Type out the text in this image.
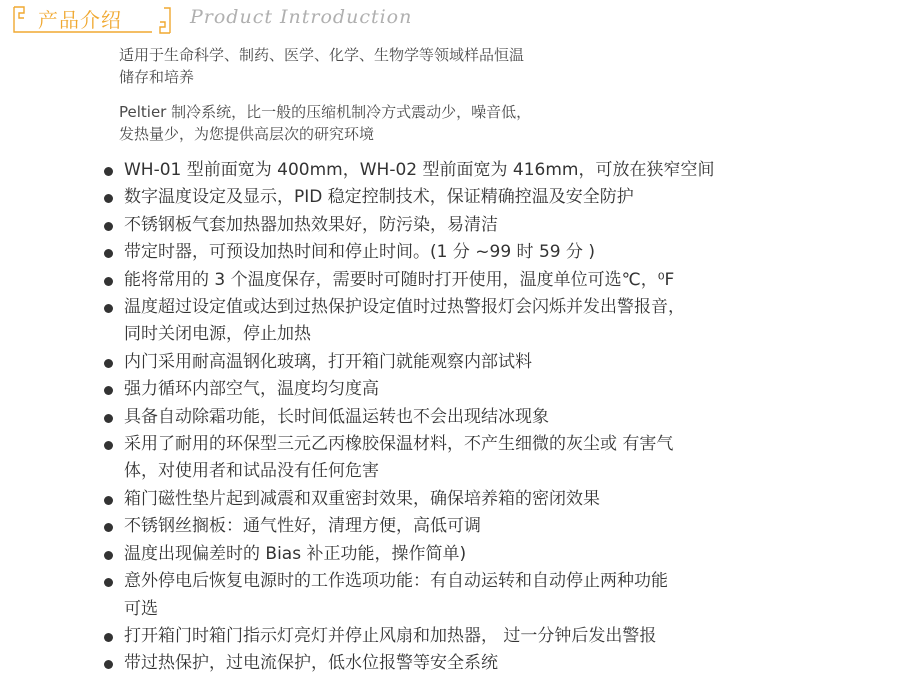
产品介绍	Product Introduction
适用于生命科学、制药、医学、化学、生物学等领域样品恒温
储存和培养
Peltier 制冷系统，比一般的压缩机制冷方式震动少，噪音低，
发热量少，为您提供高层次的研究环境
WH-01 型前面宽为 400mm，WH-02 型前面宽为 416mm，可放在狭窄空间
数字温度设定及显示，PID 稳定控制技术，保证精确控温及安全防护
不锈钢板气套加热器加热效果好，防污染，易清洁
带定时器，可预设加热时间和停止时间。(1 分 ~99 时 59 分 )
能将常用的 3 个温度保存，需要时可随时打开使用，温度单位可选℃，⁰F
温度超过设定值或达到过热保护设定值时过热警报灯会闪烁并发出警报音，
同时关闭电源，停止加热
内门采用耐高温钢化玻璃，打开箱门就能观察内部试料
强力循环内部空气，温度均匀度高
具备自动除霜功能，长时间低温运转也不会出现结冰现象
采用了耐用的环保型三元乙丙橡胶保温材料，不产生细微的灰尘或 有害气
体，对使用者和试品没有任何危害
箱门磁性垫片起到减震和双重密封效果，确保培养箱的密闭效果
不锈钢丝搁板：通气性好，清理方便，高低可调
温度出现偏差时的 Bias 补正功能，操作简单)
意外停电后恢复电源时的工作选项功能：有自动运转和自动停止两种功能
可选
打开箱门时箱门指示灯亮灯并停止风扇和加热器， 过一分钟后发出警报
带过热保护，过电流保护，低水位报警等安全系统
